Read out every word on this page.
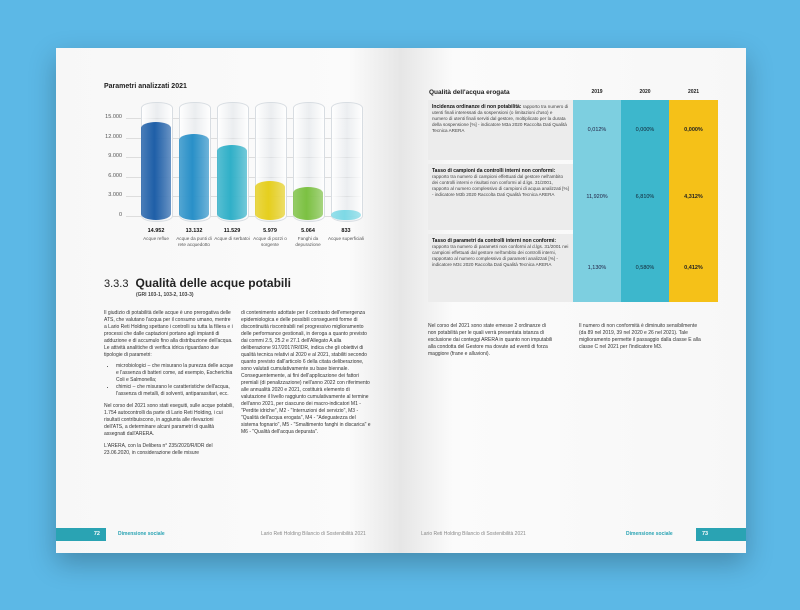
Parametri analizzati 2021
15.000
12.000
9.000
6.000
3.000
0
14.952
Acque reflue
13.132
Acque da punti di rete acquedotto
11.529
Acque di serbatoi
5.979
Acque di pozzi o sorgente
5.064
Fanghi da depurazione
833
Acque superficiali
3.3.3 Qualità delle acque potabili
(GRI 103-1, 103-2, 103-3)
Il giudizio di potabilità delle acque è uno prerogativa delle ATS, che valutano l'acqua per il consumo umano, mentre a Lario Reti Holding spettano i controlli su tutta la filiera e i processi che dalle captazioni portano agli impianti di adduzione e di accumulo fino alla distribuzione dell'acqua. Le attività analitiche di verifica idrica riguardano due tipologie di parametri:
• microbiologici – che misurano la purezza delle acque e l'assenza di batteri come, ad esempio, Escherichia Coli e Salmonella;
• chimici – che misurano le caratteristiche dell'acqua, l'assenza di metalli, di solventi, antiparassitari, ecc.
Nel corso del 2021 sono stati eseguiti, sulle acque potabili, 1.754 autocontrolli da parte di Lario Reti Holding, i cui risultati contribuiscono, in aggiunta alle rilevazioni dell'ATS, a determinare alcuni parametri di qualità assegnati dall'ARERA.
L'ARERA, con la Delibera n° 235/2020/R/IDR del 23.06.2020, in considerazione delle misure
di contenimento adottate per il contrasto dell'emergenza epidemiologica e delle possibili conseguenti forme di discontinuità riscontrabili nel progressivo miglioramento delle performance gestionali, in deroga a quanto previsto dai commi 2.5, 25.2 e 27.1 dell'Allegato A alla deliberazione 917/2017/R/IDR, indica che gli obiettivi di qualità tecnica relativi al 2020 e al 2021, stabiliti secondo quanto previsto dall'articolo 6 della citata deliberazione, sono valutati cumulativamente su base biennale. Conseguentemente, ai fini dell'applicazione dei fattori premiali (di penalizzazione) nell'anno 2022 con riferimento alle annualità 2020 e 2021, costituirà elemento di valutazione il livello raggiunto cumulativamente al termine dell'anno 2021, per ciascuno dei macro-indicatori M1 - "Perdite idriche", M2 - "Interruzioni del servizio", M3 - "Qualità dell'acqua erogata", M4 - "Adeguatezza del sistema fognario", M5 - "Smaltimento fanghi in discarica" e M6 - "Qualità dell'acqua depurata".
72	Dimensione sociale	Lario Reti Holding Bilancio di Sostenibilità 2021
Qualità dell'acqua erogata	2019	2020	2021
Incidenza ordinanze di non potabilità: rapporto tra numero di utenti finali interessati da sospensioni (o limitazioni d'uso) e numero di utenti finali serviti dal gestore, moltiplicato per la durata della sospensione [%] - indicatore M3a 2020 Raccolta Dati Qualità Tecnica ARERA	0,012%	0,000%	0,000%

Tasso di campioni da controlli interni non conformi: rapporto tra numero di campioni effettuati dal gestore nell'ambito dei controlli interni e risultati non conformi al d.lgs. 31/2001, rapporto al numero complessivo di campioni di acqua analizzati [%] - indicatore M3b 2020 Raccolta Dati Qualità Tecnica ARERA	11,920%	6,810%	4,312%

Tasso di parametri da controlli interni non conformi: rapporto tra numero di parametri non conformi al d.lgs. 31/2001 nei campioni effettuati dal gestore nell'ambito dei controlli interni, rapportato al numero complessivo di parametri analizzati [%] - indicatore M3c 2020 Raccolta Dati Qualità Tecnica ARERA	1,130%	0,580%	0,412%
Nel corso del 2021 sono state emesse 2 ordinanze di non potabilità per le quali verrà presentata istanza di esclusione dai conteggi ARERA in quanto non imputabili alla condotta del Gestore ma dovute ad eventi di forza maggiore (frane e alluvioni).
Il numero di non conformità è diminuito sensibilmente (da 89 nel 2019, 39 nel 2020 e 26 nel 2021). Tale miglioramento permette il passaggio dalla classe E alla classe C nel 2021 per l'indicatore M3.
Lario Reti Holding Bilancio di Sostenibilità 2021	Dimensione sociale	73
